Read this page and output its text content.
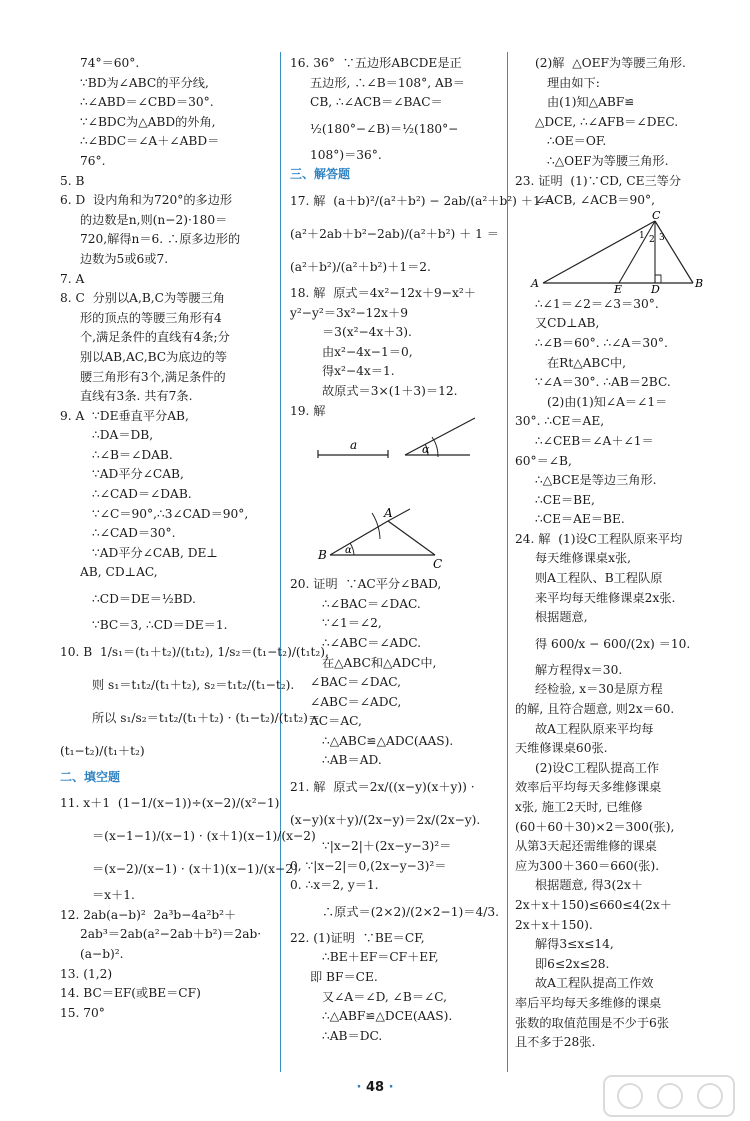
74°＝60°.
∵BD为∠ABC的平分线,
∴∠ABD＝∠CBD＝30°.
∵∠BDC为△ABD的外角,
∴∠BDC＝∠A＋∠ABD＝
76°.
5. B
6. D  设内角和为720°的多边形
的边数是n,则(n−2)·180＝
720,解得n＝6. ∴原多边形的
边数为5或6或7.
7. A
8. C  分别以A,B,C为等腰三角
形的顶点的等腰三角形有4
个,满足条件的直线有4条;分
别以AB,AC,BC为底边的等
腰三角形有3个,满足条件的
直线有3条. 共有7条.
9. A  ∵DE垂直平分AB,
∴DA＝DB,
∴∠B＝∠DAB.
∵AD平分∠CAB,
∴∠CAD＝∠DAB.
∵∠C＝90°,∴3∠CAD＝90°,
∴∠CAD＝30°.
∵AD平分∠CAB, DE⊥
AB, CD⊥AC,
∴CD＝DE＝½BD.
∵BC＝3, ∴CD＝DE＝1.
10. B  1/s₁＝(t₁＋t₂)/(t₁t₂), 1/s₂＝(t₁−t₂)/(t₁t₂),
则 s₁＝t₁t₂/(t₁＋t₂), s₂＝t₁t₂/(t₁−t₂).
所以 s₁/s₂＝t₁t₂/(t₁＋t₂) · (t₁−t₂)/(t₁t₂)＝
(t₁−t₂)/(t₁＋t₂)
二、填空题
11. x＋1  (1−1/(x−1))÷(x−2)/(x²−1)
＝(x−1−1)/(x−1) · (x＋1)(x−1)/(x−2)
＝(x−2)/(x−1) · (x＋1)(x−1)/(x−2)
＝x＋1.
12. 2ab(a−b)²  2a³b−4a²b²＋
2ab³＝2ab(a²−2ab＋b²)＝2ab·
(a−b)².
13. (1,2)
14. BC＝EF(或BE＝CF)
15. 70°
16. 36°  ∵五边形ABCDE是正
五边形, ∴∠B＝108°, AB＝
CB, ∴∠ACB＝∠BAC＝
½(180°−∠B)＝½(180°−
108°)＝36°.
三、解答题
17. 解  (a＋b)²/(a²＋b²) − 2ab/(a²＋b²) ＋1＝
(a²＋2ab＋b²−2ab)/(a²＋b²) ＋ 1 ＝
(a²＋b²)/(a²＋b²)＋1＝2.
18. 解  原式＝4x²−12x＋9−x²＋
y²−y²＝3x²−12x＋9
＝3(x²−4x＋3).
由x²−4x−1＝0,
得x²−4x＝1.
故原式＝3×(1＋3)＝12.
19. 解
a	α
α
A
B
C
20. 证明  ∵AC平分∠BAD,
∴∠BAC＝∠DAC.
∵∠1＝∠2,
∴∠ABC＝∠ADC.
在△ABC和△ADC中,
∠BAC＝∠DAC,
∠ABC＝∠ADC,
AC＝AC,
∴△ABC≌△ADC(AAS).
∴AB＝AD.
21. 解  原式＝2x/((x−y)(x＋y)) ·
(x−y)(x＋y)/(2x−y)＝2x/(2x−y).
∵|x−2|＋(2x−y−3)²＝
0, ∵|x−2|＝0,(2x−y−3)²＝
0. ∴x＝2, y＝1.
∴原式＝(2×2)/(2×2−1)＝4/3.
22. (1)证明  ∵BE＝CF,
∴BE＋EF＝CF＋EF,
即 BF＝CE.
又∠A＝∠D, ∠B＝∠C,
∴△ABF≌△DCE(AAS).
∴AB＝DC.
(2)解  △OEF为等腰三角形.
理由如下:
由(1)知△ABF≌
△DCE, ∴∠AFB＝∠DEC.
∴OE＝OF.
∴△OEF为等腰三角形.
23. 证明  (1)∵CD, CE三等分
∠ACB, ∠ACB＝90°,
A	B
C
D
E
1 2 3
∴∠1＝∠2＝∠3＝30°.
又CD⊥AB,
∴∠B＝60°. ∴∠A＝30°.
在Rt△ABC中,
∵∠A＝30°. ∴AB＝2BC.
(2)由(1)知∠A＝∠1＝
30°. ∴CE＝AE,
∴∠CEB＝∠A＋∠1＝
60°＝∠B,
∴△BCE是等边三角形.
∴CE＝BE,
∴CE＝AE＝BE.
24. 解  (1)设C工程队原来平均
每天维修课桌x张,
则A工程队、B工程队原
来平均每天维修课桌2x张.
根据题意,
得 600/x − 600/(2x) ＝10.
解方程得x＝30.
经检验, x＝30是原方程
的解, 且符合题意, 则2x＝60.
故A工程队原来平均每
天维修课桌60张.
(2)设C工程队提高工作
效率后平均每天多维修课桌
x张, 施工2天时, 已维修
(60＋60＋30)×2＝300(张),
从第3天起还需维修的课桌
应为300＋360＝660(张).
根据题意, 得3(2x＋
2x＋x＋150)≤660≤4(2x＋
2x＋x＋150).
解得3≤x≤14,
即6≤2x≤28.
故A工程队提高工作效
率后平均每天多维修的课桌
张数的取值范围是不少于6张
且不多于28张.
· 48 ·
